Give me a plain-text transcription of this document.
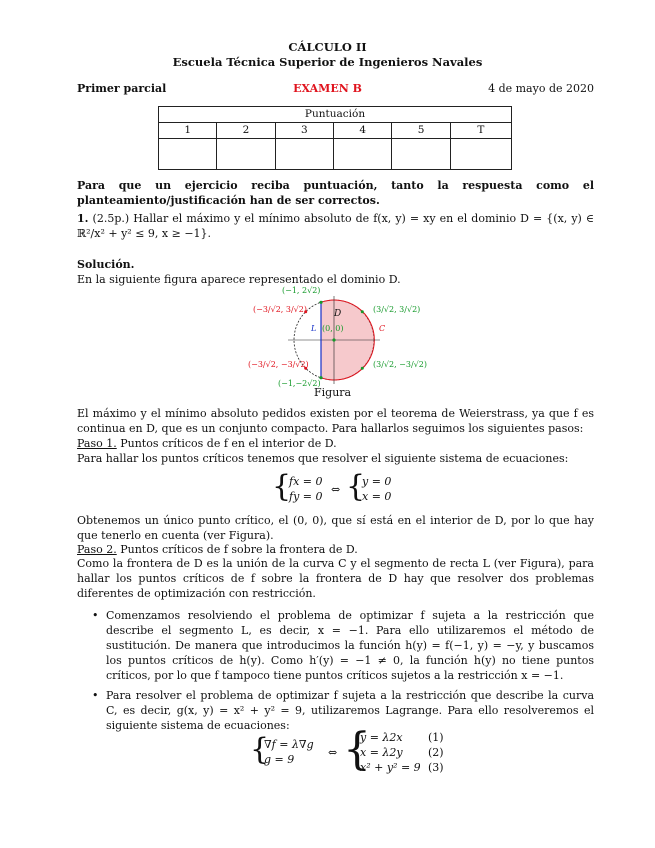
CÁLCULO II
Escuela Técnica Superior de Ingenieros Navales
Primer parcial	EXAMEN B	4 de mayo de 2020
Puntuación					
1	2	3	4	5	T

Para que un ejercicio reciba puntuación, tanto la respuesta como el planteamiento/justificación han de ser correctos.
1. (2.5p.) Hallar el máximo y el mínimo absoluto de f(x, y) = xy en el dominio D = {(x, y) ∈ ℝ²/x² + y² ≤ 9, x ≥ −1}.
Solución.
En la siguiente figura aparece representado el dominio D.
(−1, 2√2)
(−3/√2, 3/√2)	(3/√2, 3/√2)
D
L (0, 0)	C
(−3/√2, −3/√2)	(3/√2, −3/√2)
(−1,−2√2)
Figura
El máximo y el mínimo absoluto pedidos existen por el teorema de Weierstrass, ya que f es continua en D, que es un conjunto compacto. Para hallarlos seguimos los siguientes pasos:
Paso 1. Puntos críticos de f en el interior de D.
Para hallar los puntos críticos tenemos que resolver el siguiente sistema de ecuaciones:
{
fx = 0
fy = 0
⇔ {
y = 0
x = 0
Obtenemos un único punto crítico, el (0, 0), que sí está en el interior de D, por lo que hay que tenerlo en cuenta (ver Figura).
Paso 2. Puntos críticos de f sobre la frontera de D.
Como la frontera de D es la unión de la curva C y el segmento de recta L (ver Figura), para hallar los puntos críticos de f sobre la frontera de D hay que resolver dos problemas diferentes de optimización con restricción.
• Comenzamos resolviendo el problema de optimizar f sujeta a la restricción que describe el segmento L, es decir, x = −1. Para ello utilizaremos el método de sustitución. De manera que introducimos la función h(y) = f(−1, y) = −y, y buscamos los puntos críticos de h(y). Como h′(y) = −1 ≠ 0, la función h(y) no tiene puntos críticos, por lo que f tampoco tiene puntos críticos sujetos a la restricción x = −1.
• Para resolver el problema de optimizar f sujeta a la restricción que describe la curva C, es decir, g(x, y) = x² + y² = 9, utilizaremos Lagrange. Para ello resolveremos el siguiente sistema de ecuaciones:
{
∇f = λ∇g
g = 9
⇔ {
y = λ2x
x = λ2y
x² + y² = 9
(1)
(2)
(3)
